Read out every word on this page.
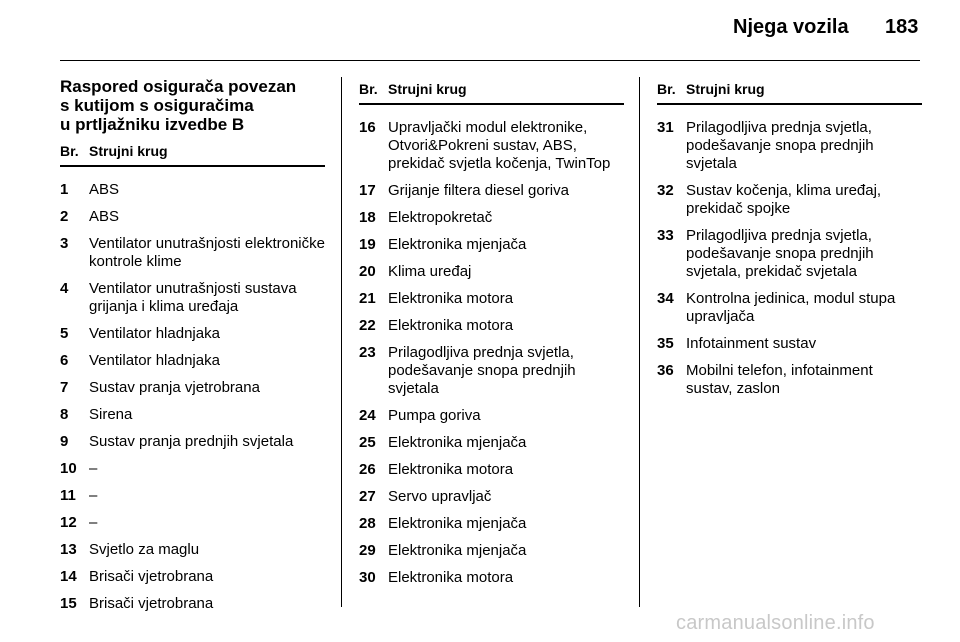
Njega vozila 183
Raspored osigurača povezan
s kutijom s osiguračima
u prtljažniku izvedbe B
Br. Strujni krug
1	ABS
2	ABS
3	Ventilator unutrašnjosti elektroničke kontrole klime
4	Ventilator unutrašnjosti sustava grijanja i klima uređaja
5	Ventilator hladnjaka
6	Ventilator hladnjaka
7	Sustav pranja vjetrobrana
8	Sirena
9	Sustav pranja prednjih svjetala
10 –
11 –
12 –
13 Svjetlo za maglu
14 Brisači vjetrobrana
15 Brisači vjetrobrana
Br. Strujni krug
16 Upravljački modul elektronike, Otvori&Pokreni sustav, ABS, prekidač svjetla kočenja, TwinTop
17 Grijanje filtera diesel goriva
18 Elektropokretač
19 Elektronika mjenjača
20 Klima uređaj
21 Elektronika motora
22 Elektronika motora
23 Prilagodljiva prednja svjetla, podešavanje snopa prednjih svjetala
24 Pumpa goriva
25 Elektronika mjenjača
26 Elektronika motora
27 Servo upravljač
28 Elektronika mjenjača
29 Elektronika mjenjača
30 Elektronika motora
Br. Strujni krug
31 Prilagodljiva prednja svjetla, podešavanje snopa prednjih svjetala
32 Sustav kočenja, klima uređaj, prekidač spojke
33 Prilagodljiva prednja svjetla, podešavanje snopa prednjih svjetala, prekidač svjetala
34 Kontrolna jedinica, modul stupa upravljača
35 Infotainment sustav
36 Mobilni telefon, infotainment sustav, zaslon
carmanualsonline.info
